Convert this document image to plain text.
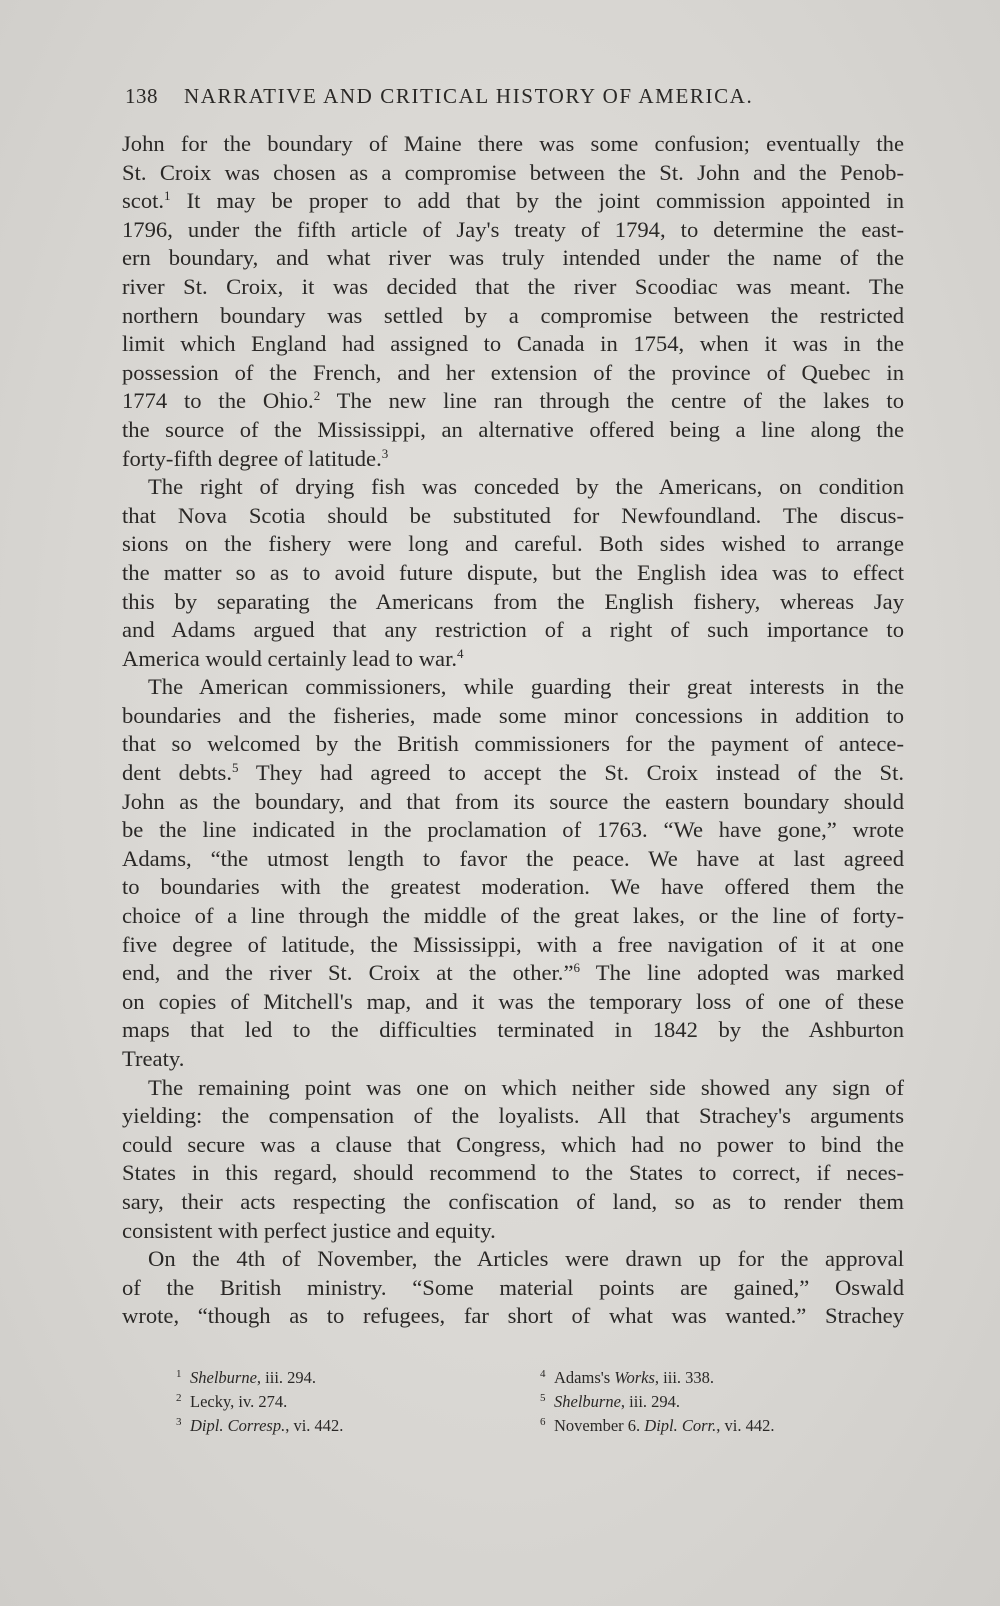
138 NARRATIVE AND CRITICAL HISTORY OF AMERICA.
John for the boundary of Maine there was some confusion; eventually the
St. Croix was chosen as a compromise between the St. John and the Penob-
scot.$^1$ It may be proper to add that by the joint commission appointed in
1796, under the fifth article of Jay's treaty of 1794, to determine the east-
ern boundary, and what river was truly intended under the name of the
river St. Croix, it was decided that the river Scoodiac was meant. The
northern boundary was settled by a compromise between the restricted
limit which England had assigned to Canada in 1754, when it was in the
possession of the French, and her extension of the province of Quebec in
1774 to the Ohio.$^2$ The new line ran through the centre of the lakes to
the source of the Mississippi, an alternative offered being a line along the
forty-fifth degree of latitude.$^3$
The right of drying fish was conceded by the Americans, on condition
that Nova Scotia should be substituted for Newfoundland. The discus-
sions on the fishery were long and careful. Both sides wished to arrange
the matter so as to avoid future dispute, but the English idea was to effect
this by separating the Americans from the English fishery, whereas Jay
and Adams argued that any restriction of a right of such importance to
America would certainly lead to war.$^4$
The American commissioners, while guarding their great interests in the
boundaries and the fisheries, made some minor concessions in addition to
that so welcomed by the British commissioners for the payment of antece-
dent debts.$^5$ They had agreed to accept the St. Croix instead of the St.
John as the boundary, and that from its source the eastern boundary should
be the line indicated in the proclamation of 1763. “We have gone,” wrote
Adams, “the utmost length to favor the peace. We have at last agreed
to boundaries with the greatest moderation. We have offered them the
choice of a line through the middle of the great lakes, or the line of forty-
five degree of latitude, the Mississippi, with a free navigation of it at one
end, and the river St. Croix at the other.”$^6$ The line adopted was marked
on copies of Mitchell's map, and it was the temporary loss of one of these
maps that led to the difficulties terminated in 1842 by the Ashburton
Treaty.
The remaining point was one on which neither side showed any sign of
yielding: the compensation of the loyalists. All that Strachey's arguments
could secure was a clause that Congress, which had no power to bind the
States in this regard, should recommend to the States to correct, if neces-
sary, their acts respecting the confiscation of land, so as to render them
consistent with perfect justice and equity.
On the 4th of November, the Articles were drawn up for the approval
of the British ministry. “Some material points are gained,” Oswald
wrote, “though as to refugees, far short of what was wanted.” Strachey
1 Shelburne, iii. 294.
2 Lecky, iv. 274.
3 Dipl. Corresp., vi. 442.
4 Adams's Works, iii. 338.
5 Shelburne, iii. 294.
6 November 6. Dipl. Corr., vi. 442.
